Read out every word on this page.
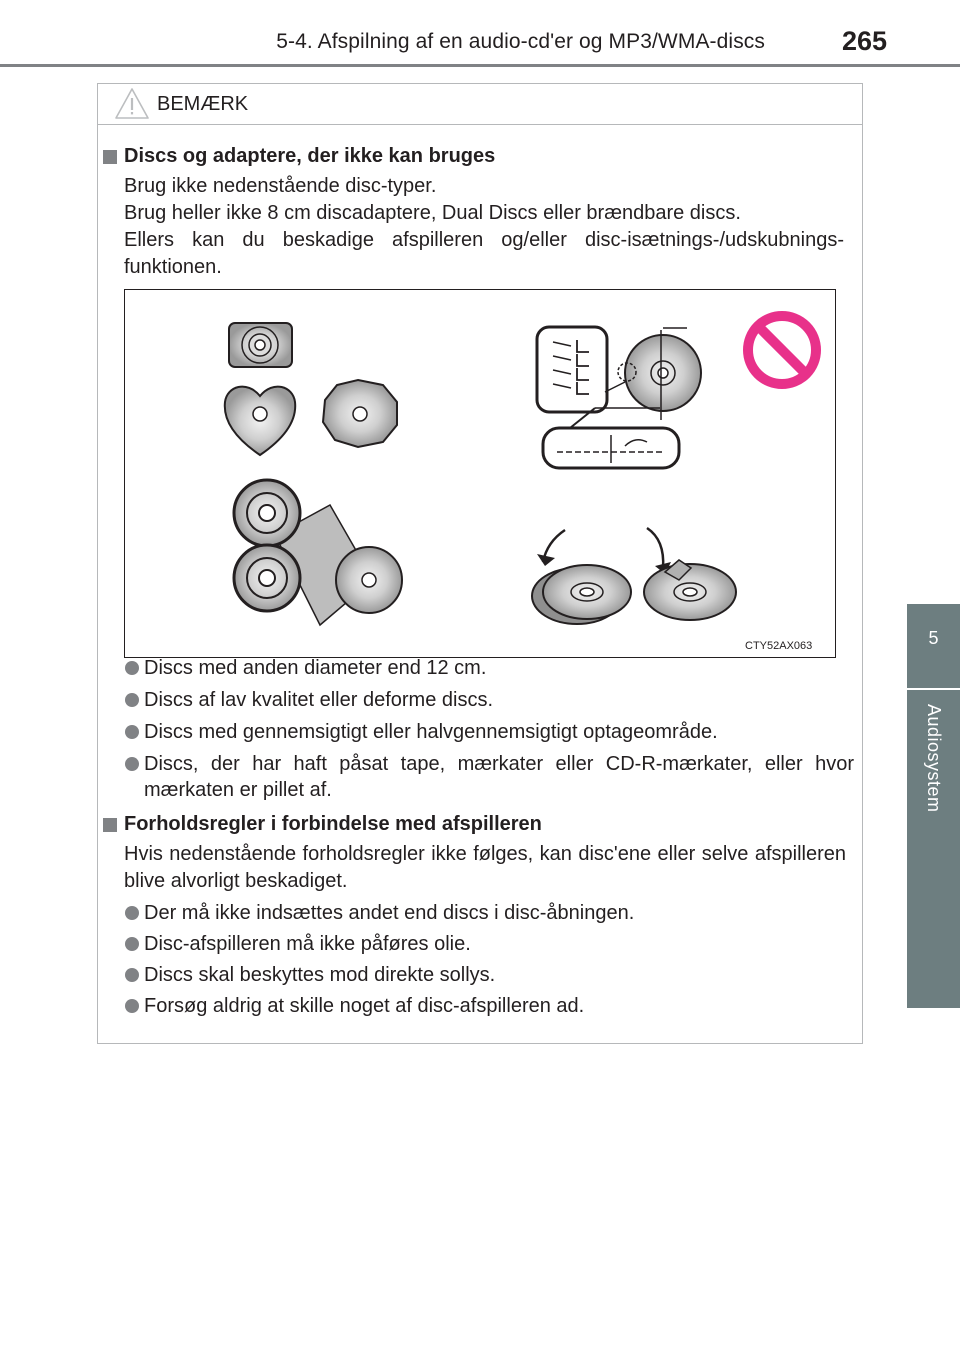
5-4. Afspilning af en audio-cd'er og MP3/WMA-discs	265
5
Audiosystem
BEMÆRK
Discs og adaptere, der ikke kan bruges
Brug ikke nedenstående disc-typer.
Brug heller ikke 8 cm discadaptere, Dual Discs eller brændbare discs.
Ellers kan du beskadige afspilleren og/eller disc-isætnings-/udskubnings-funktionen.
CTY52AX063
Discs med anden diameter end 12 cm.
Discs af lav kvalitet eller deforme discs.
Discs med gennemsigtigt eller halvgennemsigtigt optageområde.
Discs, der har haft påsat tape, mærkater eller CD-R-mærkater, eller hvor mærkaten er pillet af.
Forholdsregler i forbindelse med afspilleren
Hvis nedenstående forholdsregler ikke følges, kan disc'ene eller selve afspilleren blive alvorligt beskadiget.
Der må ikke indsættes andet end discs i disc-åbningen.
Disc-afspilleren må ikke påføres olie.
Discs skal beskyttes mod direkte sollys.
Forsøg aldrig at skille noget af disc-afspilleren ad.
